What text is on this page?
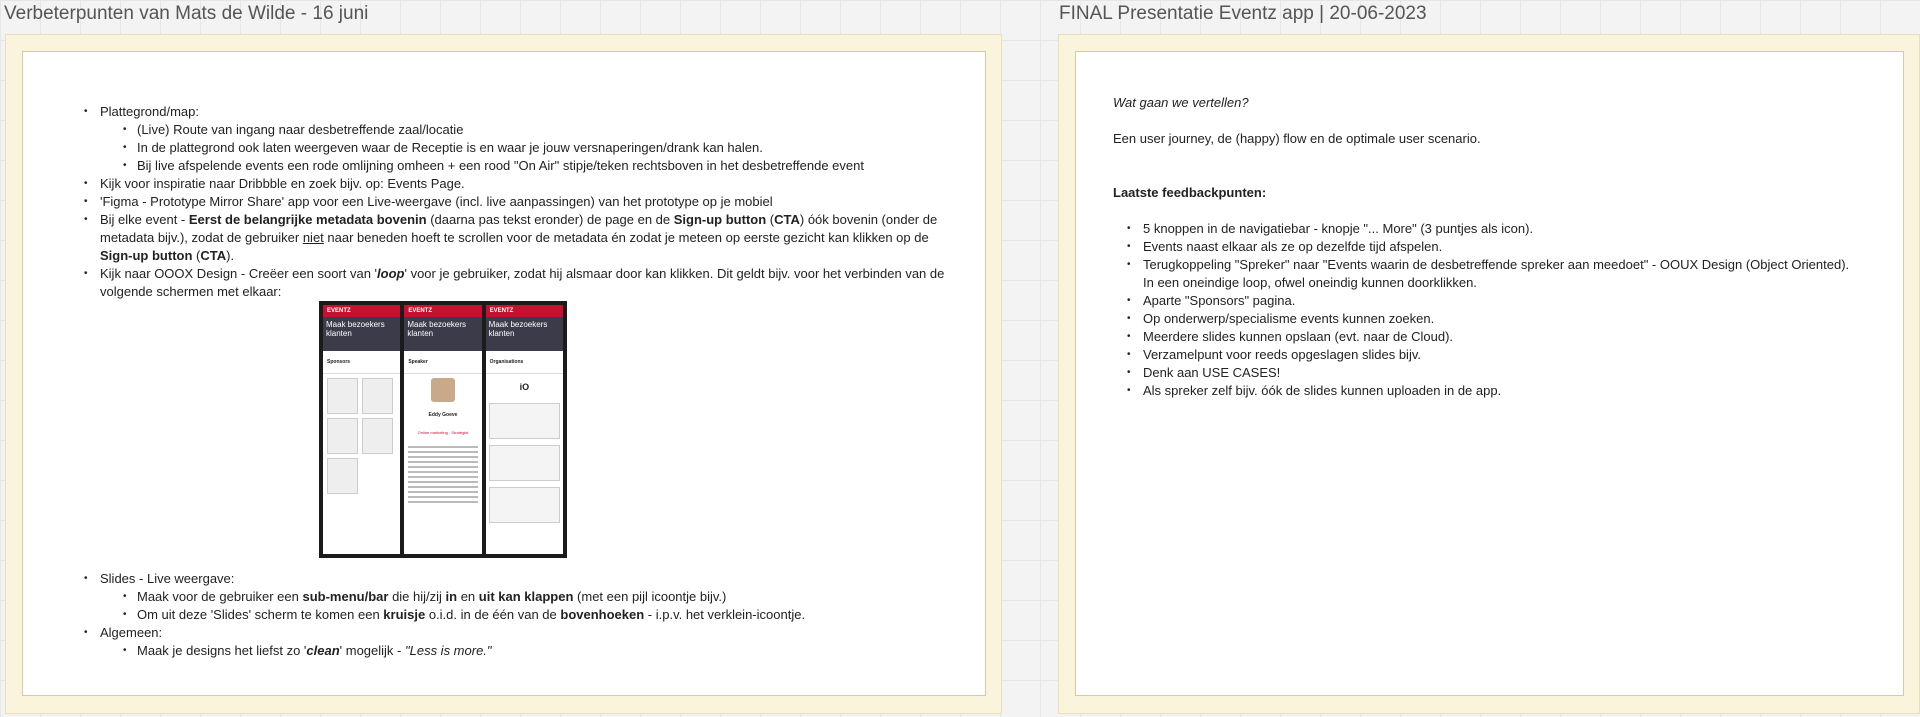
Verbeterpunten van Mats de Wilde - 16 juni
• Plattegrond/map:
• (Live) Route van ingang naar desbetreffende zaal/locatie
• In de plattegrond ook laten weergeven waar de Receptie is en waar je jouw versnaperingen/drank kan halen.
• Bij live afspelende events een rode omlijning omheen + een rood "On Air" stipje/teken rechtsboven in het desbetreffende event
• Kijk voor inspiratie naar Dribbble en zoek bijv. op: Events Page.
• 'Figma - Prototype Mirror Share' app voor een Live-weergave (incl. live aanpassingen) van het prototype op je mobiel
• Bij elke event - Eerst de belangrijke metadata bovenin (daarna pas tekst eronder) de page en de Sign-up button (CTA) óók bovenin (onder de metadata bijv.), zodat de gebruiker niet naar beneden hoeft te scrollen voor de metadata én zodat je meteen op eerste gezicht kan klikken op de Sign-up button (CTA).
• Kijk naar OOOX Design - Creëer een soort van 'loop' voor je gebruiker, zodat hij alsmaar door kan klikken. Dit geldt bijv. voor het verbinden van de volgende schermen met elkaar:
EVENTZ
Maak bezoekers klanten
Sponsors
EVENTZ
Maak bezoekers klanten
Speaker
Eddy Goeve
Online marketing - Strategist
EVENTZ
Maak bezoekers klanten
Organisations
iO
• Slides - Live weergave:
• Maak voor de gebruiker een sub-menu/bar die hij/zij in en uit kan klappen (met een pijl icoontje bijv.)
• Om uit deze 'Slides' scherm te komen een kruisje o.i.d. in de één van de bovenhoeken - i.p.v. het verklein-icoontje.
• Algemeen:
• Maak je designs het liefst zo 'clean' mogelijk - "Less is more."
FINAL Presentatie Eventz app | 20-06-2023
Wat gaan we vertellen?
Een user journey, de (happy) flow en de optimale user scenario.
Laatste feedbackpunten:
• 5 knoppen in de navigatiebar - knopje "... More" (3 puntjes als icon).
• Events naast elkaar als ze op dezelfde tijd afspelen.
• Terugkoppeling "Spreker" naar "Events waarin de desbetreffende spreker aan meedoet" - OOUX Design (Object Oriented).
In een oneindige loop, ofwel oneindig kunnen doorklikken.
• Aparte "Sponsors" pagina.
• Op onderwerp/specialisme events kunnen zoeken.
• Meerdere slides kunnen opslaan (evt. naar de Cloud).
• Verzamelpunt voor reeds opgeslagen slides bijv.
• Denk aan USE CASES!
• Als spreker zelf bijv. óók de slides kunnen uploaden in de app.
